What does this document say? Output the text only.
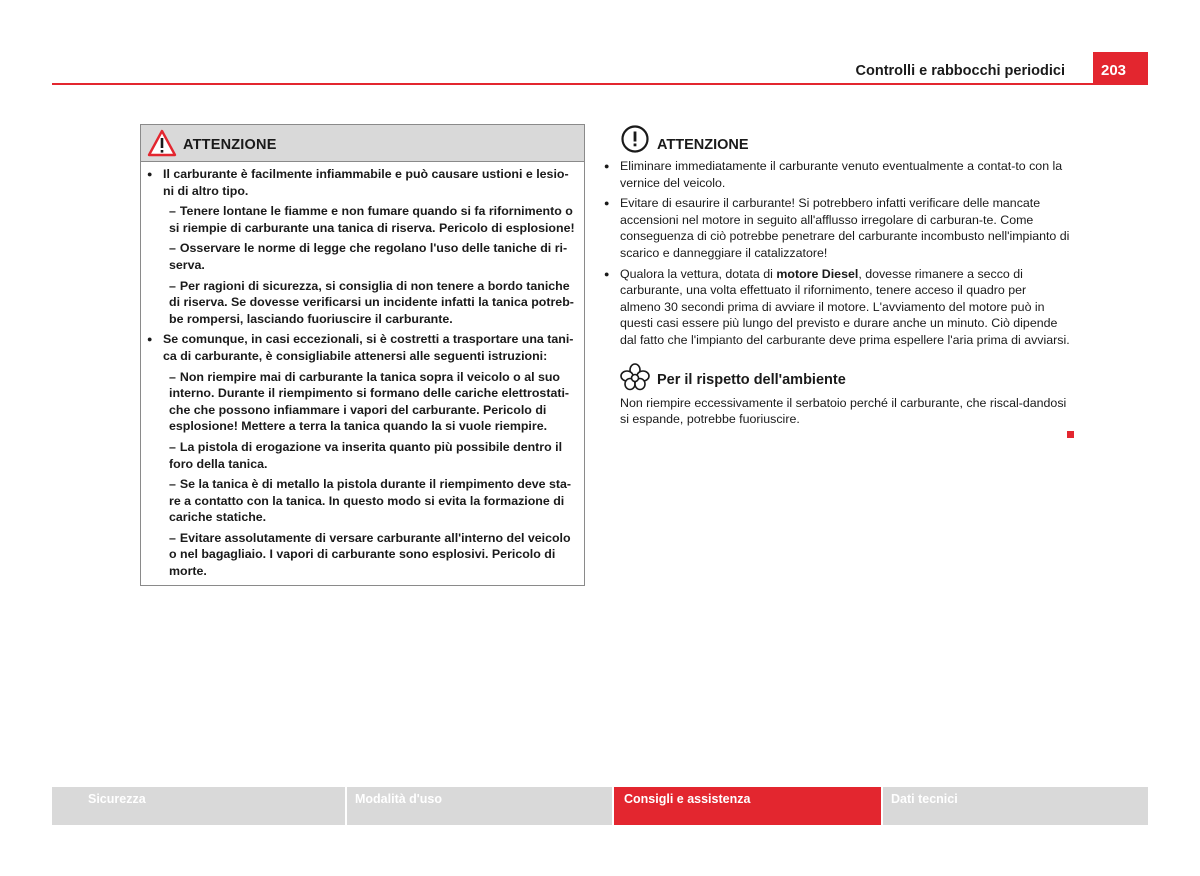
Controlli e rabbocchi periodici	203
ATTENZIONE

● Il carburante è facilmente infiammabile e può causare ustioni e lesio-ni di altro tipo.

– Tenere lontane le fiamme e non fumare quando si fa rifornimento o si riempie di carburante una tanica di riserva. Pericolo di esplosione!

– Osservare le norme di legge che regolano l'uso delle taniche di ri-serva.

– Per ragioni di sicurezza, si consiglia di non tenere a bordo taniche di riserva. Se dovesse verificarsi un incidente infatti la tanica potreb-be rompersi, lasciando fuoriuscire il carburante.

● Se comunque, in casi eccezionali, si è costretti a trasportare una tani-ca di carburante, è consigliabile attenersi alle seguenti istruzioni:

– Non riempire mai di carburante la tanica sopra il veicolo o al suo interno. Durante il riempimento si formano delle cariche elettrostati-che che possono infiammare i vapori del carburante. Pericolo di esplosione! Mettere a terra la tanica quando la si vuole riempire.

– La pistola di erogazione va inserita quanto più possibile dentro il foro della tanica.

– Se la tanica è di metallo la pistola durante il riempimento deve sta-re a contatto con la tanica. In questo modo si evita la formazione di cariche statiche.

– Evitare assolutamente di versare carburante all'interno del veicolo o nel bagagliaio. I vapori di carburante sono esplosivi. Pericolo di morte.

ATTENZIONE

● Eliminare immediatamente il carburante venuto eventualmente a contat-to con la vernice del veicolo.

● Evitare di esaurire il carburante! Si potrebbero infatti verificare delle mancate accensioni nel motore in seguito all'afflusso irregolare di carburan-te. Come conseguenza di ciò potrebbe penetrare del carburante incombusto nell'impianto di scarico e danneggiare il catalizzatore!

● Qualora la vettura, dotata di motore Diesel, dovesse rimanere a secco di carburante, una volta effettuato il rifornimento, tenere acceso il quadro per almeno 30 secondi prima di avviare il motore. L'avviamento del motore può in questi casi essere più lungo del previsto e durare anche un minuto. Ciò dipende dal fatto che l'impianto del carburante deve prima espellere l'aria prima di avviarsi.

Per il rispetto dell'ambiente

Non riempire eccessivamente il serbatoio perché il carburante, che riscal-dandosi si espande, potrebbe fuoriuscire.

Sicurezza	Modalità d'uso	Consigli e assistenza	Dati tecnici
